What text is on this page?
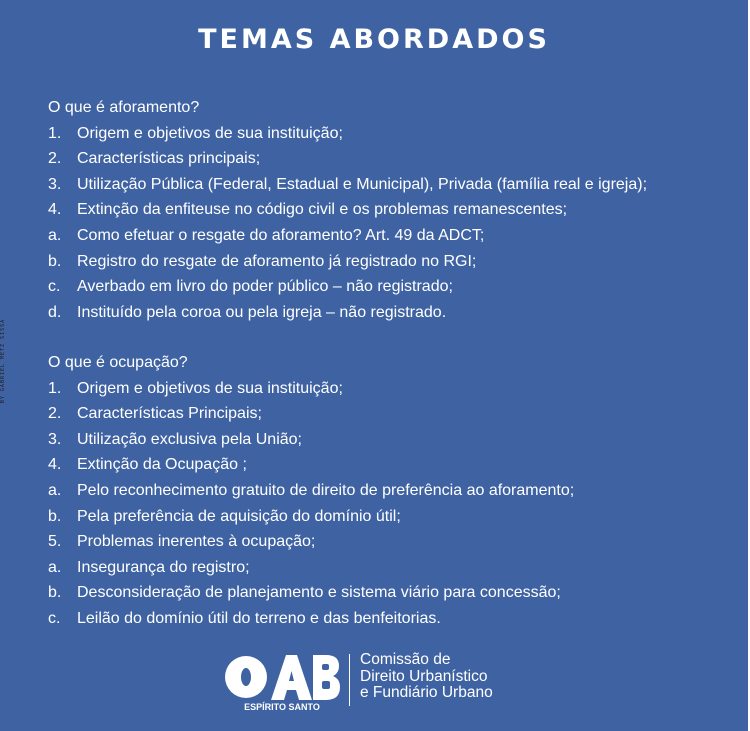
TEMAS ABORDADOS
O que é aforamento?
1. Origem e objetivos de sua instituição;
2. Características principais;
3. Utilização Pública (Federal, Estadual e Municipal), Privada (família real e igreja);
4. Extinção da enfiteuse no código civil e os problemas remanescentes;
a. Como efetuar o resgate do aforamento? Art. 49 da ADCT;
b. Registro do resgate de aforamento já registrado no RGI;
c. Averbado em livro do poder público – não registrado;
d. Instituído pela coroa ou pela igreja – não registrado.
O que é ocupação?
1. Origem e objetivos de sua instituição;
2. Características Principais;
3. Utilização exclusiva pela União;
4. Extinção da Ocupação ;
a. Pelo reconhecimento gratuito de direito de preferência ao aforamento;
b. Pela preferência de aquisição do domínio útil;
5. Problemas inerentes à ocupação;
a. Insegurança do registro;
b. Desconsideração de planejamento e sistema viário para concessão;
c. Leilão do domínio útil do terreno e das benfeitorias.
ESPÍRITO SANTO
Comissão de
Direito Urbanístico
e Fundiário Urbano
BY GABRIEL METZ SISSA
